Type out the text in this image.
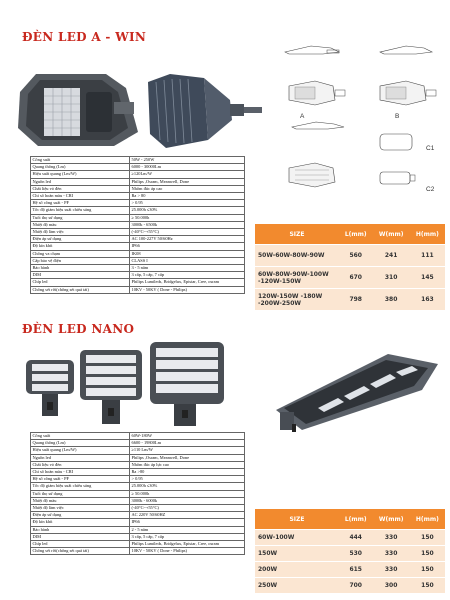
ĐÈN LED A - WIN
A	B
C1
C2
Công suất	50W - 250W
Quang thông (Lm)	6000 - 30000Lm
Hiệu suất quang (Lm/W)	≥120Lm/W
Nguồn led	Philips ,Osram, Meanwell, Done
Chất liệu vỏ đèn	Nhôm đúc áp cao
Chỉ số hoàn màu - CRI	Ra > 80
Hệ số công suất - PF	> 0.95
Tốc độ giảm hiệu suất chiếu sáng	25.000h ≤30%
Tuổi thọ sử dụng	≥ 50.000h
Nhiệt độ màu	3000k - 6500k
Nhiệt độ làm việc	(-40°C~+55°C)
Điện áp sử dụng	AC 100-227V 50/60Hz
Độ kín khít	IP66
Chống va chạm	IK08
Cấp bảo vệ điện	CLASS I
Bảo hành	3 - 5 năm
DIM	3 cấp, 5 cấp, 7 cấp
Chíp led	Philips Lumileds, Bridgelux, Epistar, Cree, osram
Chống sét rời(chống sét quá tải)	10KV - 50KV ( Done - Philips)
SIZE	L(mm)	W(mm)	H(mm)
50W-60W-80W-90W	560	241	111
60W-80W-90W-100W -120W-150W	670	310	145
120W-150W -180W -200W-250W	798	380	163
ĐÈN LED NANO
Công suất	60W-180W
Quang thông (Lm)	6600 - 19800Lm
Hiệu suất quang (Lm/W)	≥110 Lm/W
Nguồn led	Philips ,Osram, Meanwell, Done
Chất liệu vỏ đèn	Nhôm đúc áp lực cao
Chỉ số hoàn màu - CRI	Ra >80
Hệ số công suất - PF	> 0.95
Tốc độ giảm hiệu suất chiếu sáng	25.000h ≤30%
Tuổi thọ sử dụng	≥ 50.000h
Nhiệt độ màu	3000k - 6000k
Nhiệt độ làm việc	(-40°C~+55°C)
Điện áp sử dụng	AC 220V 50/60HZ
Độ kín khít	IP66
Bảo hành	2 - 5 năm
DIM	3 cấp, 5 cấp, 7 cấp
Chíp led	Philips Lumileds, Bridgelux, Epistar, Cree, osram
Chống sét rời(chống sét quá tải)	10KV - 50KV ( Done - Philips)
SIZE	L(mm)	W(mm)	H(mm)
60W-100W	444	330	150
150W	530	330	150
200W	615	330	150
250W	700	300	150
